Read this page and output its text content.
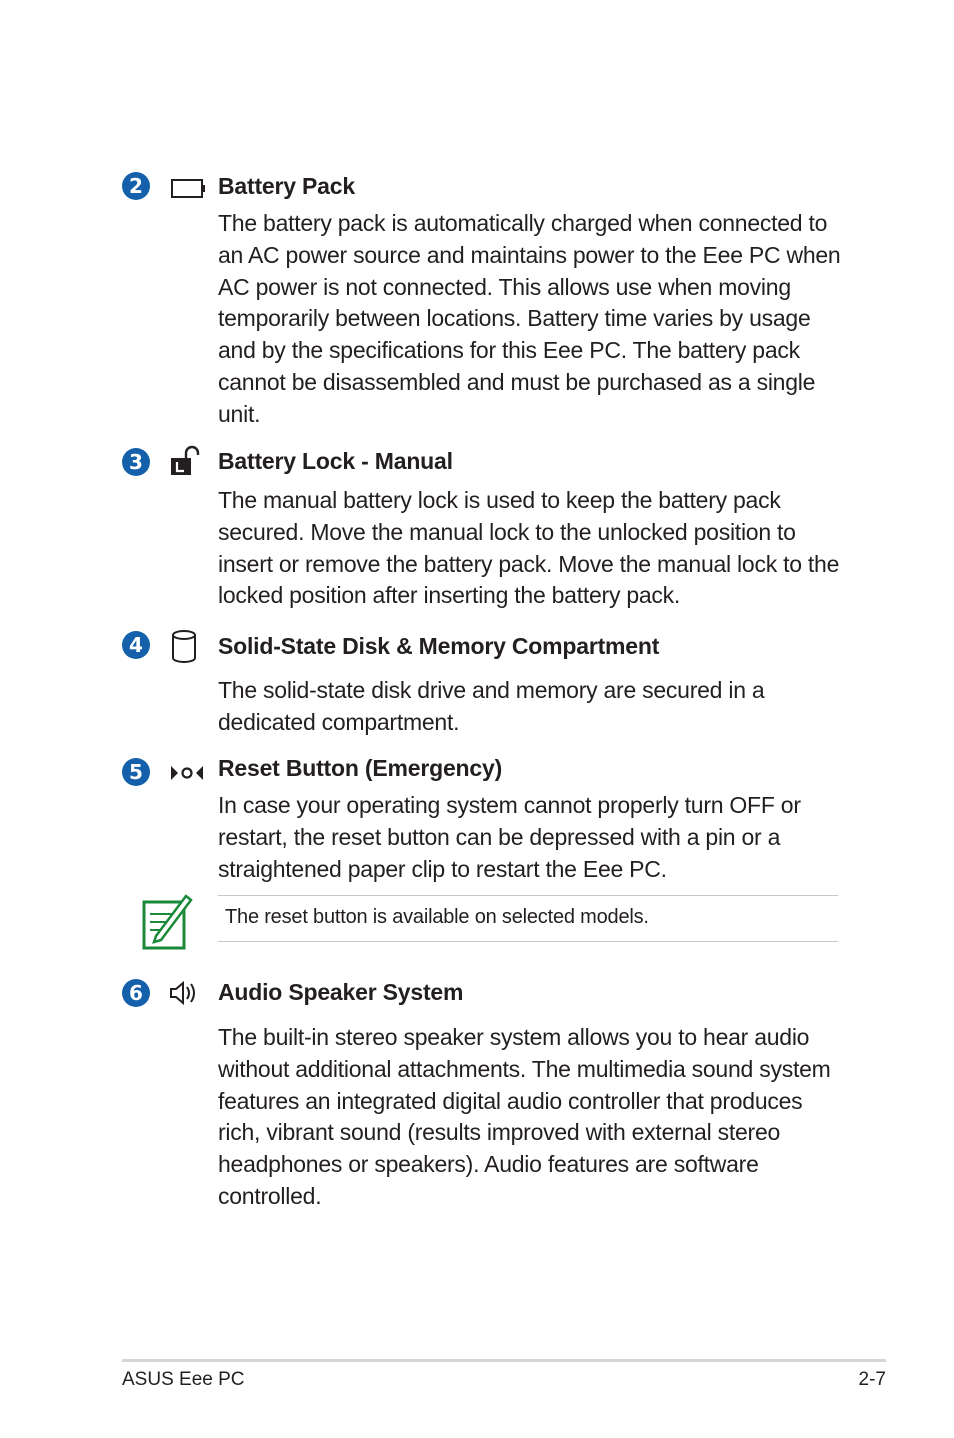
2	Battery Pack

The battery pack is automatically charged when connected to an AC power source and maintains power to the Eee PC when AC power is not connected. This allows use when moving temporarily between locations. Battery time varies by usage and by the specifications for this Eee PC. The battery pack cannot be disassembled and must be purchased as a single unit.

3	Battery Lock - Manual

The manual battery lock is used to keep the battery pack secured. Move the manual lock to the unlocked position to insert or remove the battery pack. Move the manual lock to the locked position after inserting the battery pack.

4	Solid-State Disk & Memory Compartment

The solid-state disk drive and memory are secured in a dedicated compartment.

5	Reset Button (Emergency)

In case your operating system cannot properly turn OFF or restart, the reset button can be depressed with a pin or a straightened paper clip to restart the Eee PC.

The reset button is available on selected models.
6	Audio Speaker System

The built-in stereo speaker system allows you to hear audio without additional attachments. The multimedia sound system features an integrated digital audio controller that produces rich, vibrant sound (results improved with external stereo headphones or speakers). Audio features are software controlled.

ASUS Eee PC	2-7
